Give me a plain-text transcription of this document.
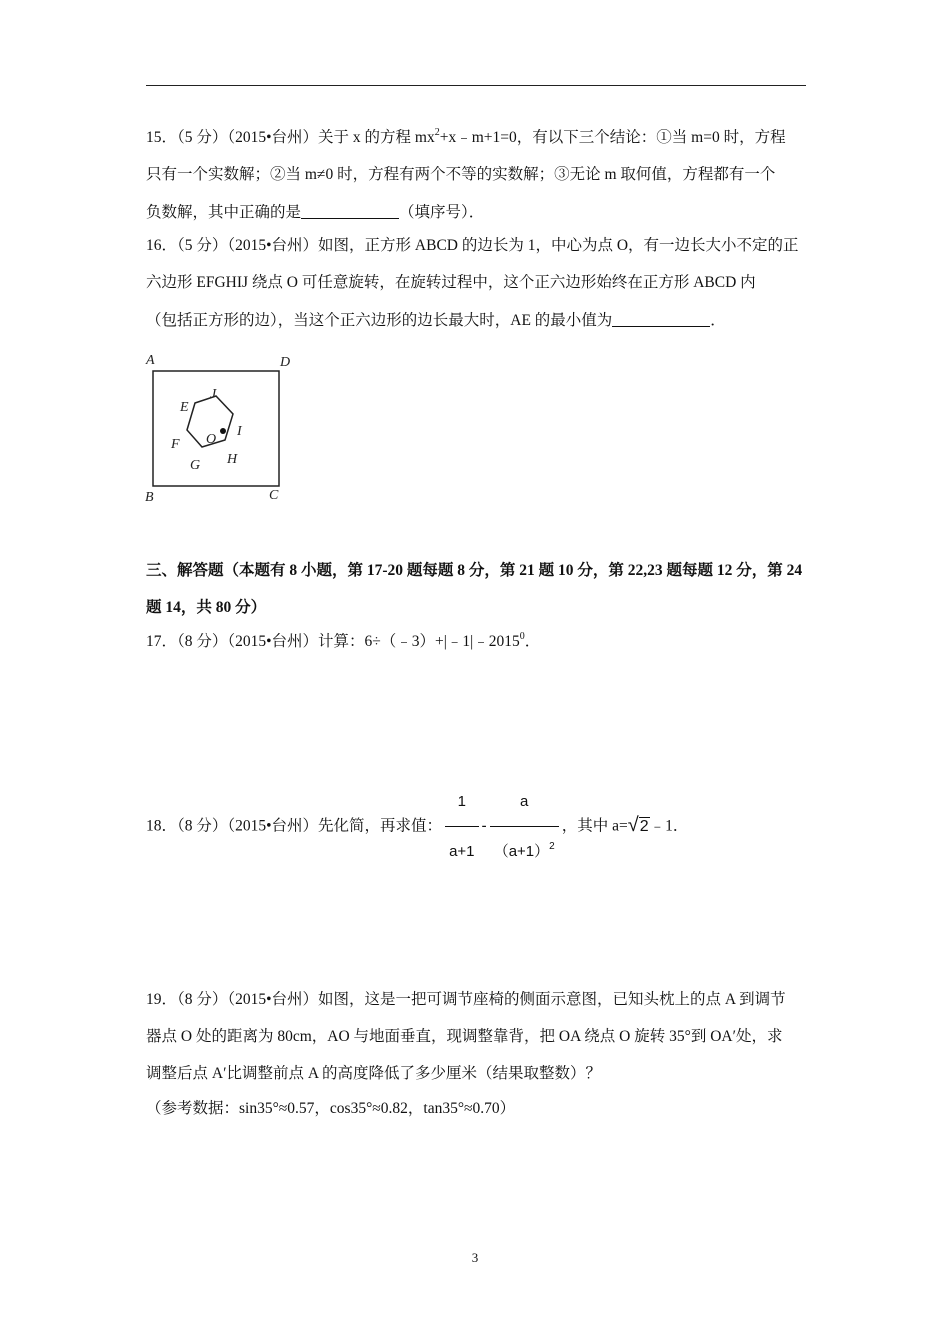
15．（5 分）（2015•台州）关于 x 的方程 $mx^2+x﹣m+1=0$，有以下三个结论：①当 m=0 时，方程
只有一个实数解；②当 m≠0 时，方程有两个不等的实数解；③无论 m 取何值，方程都有一个
负数解，其中正确的是	（填序号）．
16．（5 分）（2015•台州）如图，正方形 ABCD 的边长为 1，中心为点 O，有一边长大小不定的正
六边形 EFGHIJ 绕点 O 可任意旋转，在旋转过程中，这个正六边形始终在正方形 ABCD 内
（包括正方形的边），当这个正六边形的边长最大时，AE 的最小值为	．
A	D
B	C
J
E
I
O
F
H
G
三、解答题（本题有 8 小题，第 17-20 题每题 8 分，第 21 题 10 分，第 22,23 题每题 12 分，第 24
题 14，共 80 分）
17．（8 分）（2015•台州）计算：$6\div(﹣3)+|﹣1|﹣2015^0$．
18．（8 分）（2015•台州）先化简，再求值： $\frac{1}{a+1} - \frac{a}{(a+1)^2}$ ，其中 a=√2﹣1．
19．（8 分）（2015•台州）如图，这是一把可调节座椅的侧面示意图，已知头枕上的点 A 到调节
器点 O 处的距离为 80cm，AO 与地面垂直，现调整靠背，把 OA 绕点 O 旋转 35°到 OA′处，求
调整后点 A′比调整前点 A 的高度降低了多少厘米（结果取整数）？
（参考数据：sin35°≈0.57，cos35°≈0.82，tan35°≈0.70）
3
